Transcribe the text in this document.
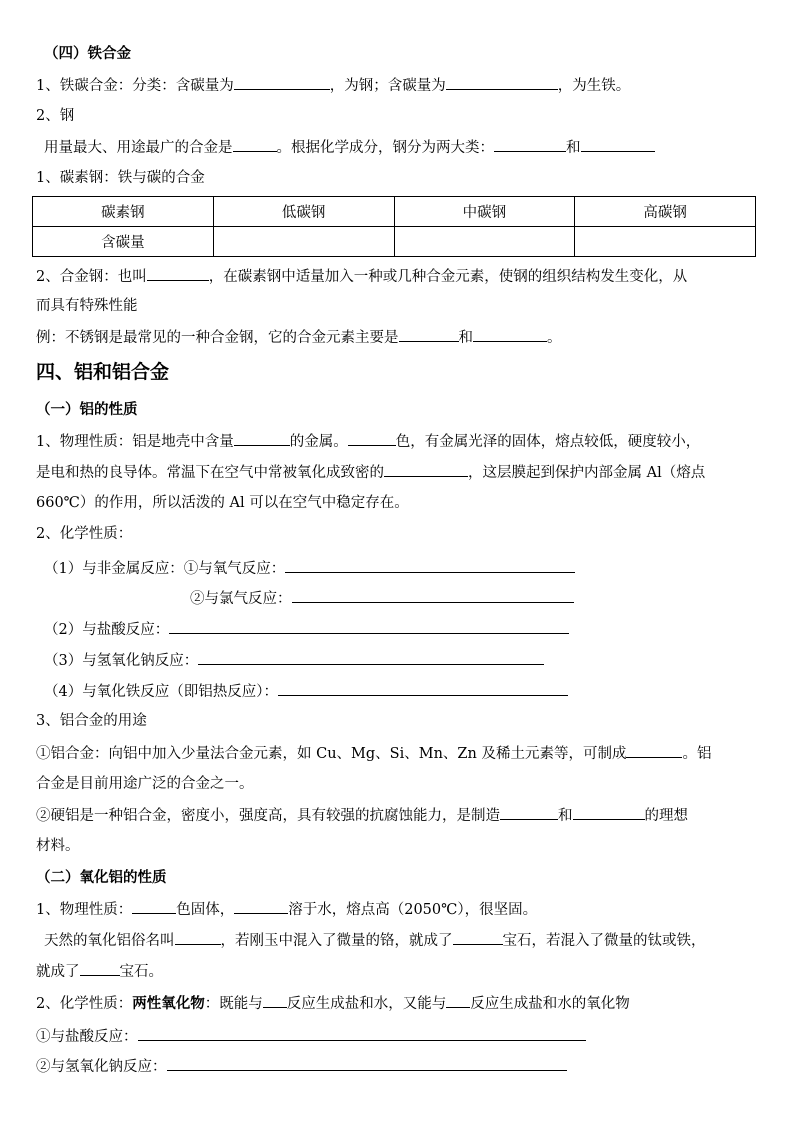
（四）铁合金
1、铁碳合金：分类：含碳量为	，为钢；含碳量为	，为生铁。
2、钢
用量最大、用途最广的合金是	。根据化学成分，钢分为两大类：	和
1、碳素钢：铁与碳的合金
碳素钢	低碳钢	中碳钢	高碳钢
含碳量			
2、合金钢：也叫	，在碳素钢中适量加入一种或几种合金元素，使钢的组织结构发生变化，从
而具有特殊性能
例：不锈钢是最常见的一种合金钢，它的合金元素主要是	和	。
四、铝和铝合金
（一）铝的性质
1、物理性质：铝是地壳中含量	的金属。	色，有金属光泽的固体，熔点较低，硬度较小，
是电和热的良导体。常温下在空气中常被氧化成致密的	，这层膜起到保护内部金属 Al（熔点
660℃）的作用，所以活泼的 Al 可以在空气中稳定存在。
2、化学性质：
（1）与非金属反应：①与氧气反应：
②与氯气反应：
（2）与盐酸反应：
（3）与氢氧化钠反应：
（4）与氧化铁反应（即铝热反应）：
3、铝合金的用途
①铝合金：向铝中加入少量法合金元素，如 Cu、Mg、Si、Mn、Zn 及稀土元素等，可制成	。铝
合金是目前用途广泛的合金之一。
②硬铝是一种铝合金，密度小，强度高，具有较强的抗腐蚀能力，是制造	和	的理想
材料。
（二）氧化铝的性质
1、物理性质：	色固体，	溶于水，熔点高（2050℃），很坚固。
天然的氧化铝俗名叫	，若刚玉中混入了微量的铬，就成了	宝石，若混入了微量的钛或铁，
就成了	宝石。
2、化学性质：两性氧化物：既能与 反应生成盐和水，又能与 反应生成盐和水的氧化物
①与盐酸反应：
②与氢氧化钠反应：
